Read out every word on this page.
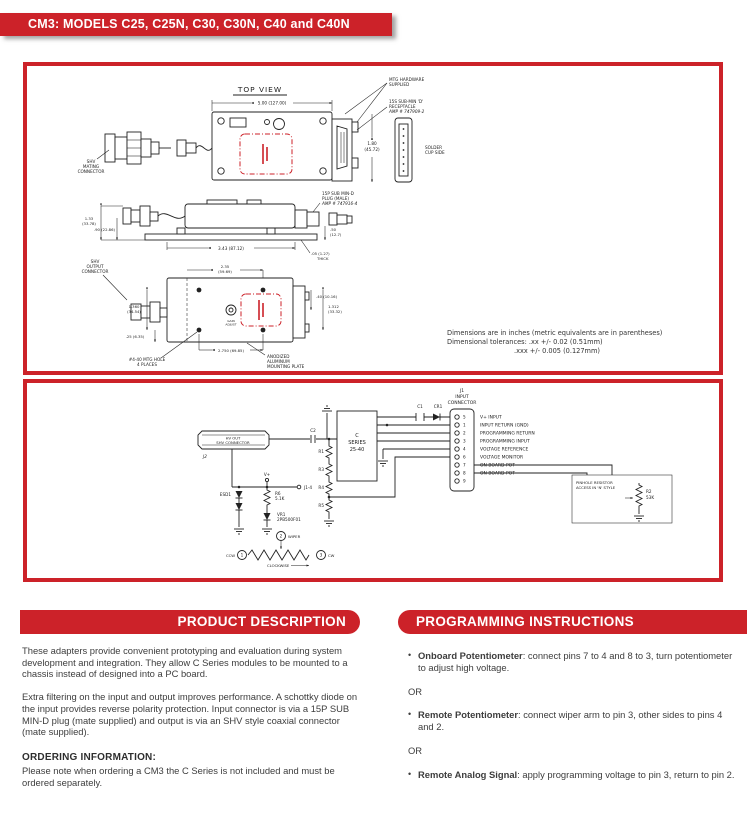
CM3: MODELS C25, C25N, C30, C30N, C40 and C40N
TOP VIEW
5.00 (127.00)
1.80
(45.72)
MTG HARDWARE
SUPPLIED
15S SUB-MIN 'D'
RECEPTACLE
AMP # 747909-2
SOLDER
CUP SIDE
SHV
MATING
CONNECTOR
1.33
(33.78)
.90 (22.86)
15P SUB MIN-D
PLUG (MALE)
AMP # 747916-4
.50
(12.7)
3.43 (87.12)
.05 (1.27)
THICK
SHV
OUTPUT
CONNECTOR
GAIN
ADJUST
2.35
(59.69)
1.360
(34.54)
.25 (6.35)
.40 (10.16)
1.312
(33.32)
2.750 (69.85)
#4-40 MTG HOLE
4 PLACES
ANODIZED
ALUMINUM
MOUNTING PLATE
Dimensions are in inches (metric equivalents are in parentheses)
Dimensional tolerances: .xx +/- 0.02 (0.51mm)
.xxx +/- 0.005 (0.127mm)
J1
INPUT
CONNECTOR
5	V+ INPUT
1	INPUT RETURN (GND)
2	PROGRAMMING RETURN
3	PROGRAMMING INPUT
4	VOLTAGE REFERENCE
6	VOLTAGE MONITOR
7	ON-BOARD POT
8	ON-BOARD POT
9
C
SERIES
25-40
C1	CR1
HV OUT
SHV CONNECTOR
J2
C2
R1
R3
R4
R5
J1-4
V+
R6
5.1K
VR1
2PB500F01
ESD1
PINHOLE RESISTOR
ACCESS IN 'N' STYLE
R2
53K
1	3
2 WIPER
CCW	CW
CLOCKWISE
PRODUCT DESCRIPTION

These adapters provide convenient prototyping and evaluation during system development and integration. They allow C Series modules to be mounted to a chassis instead of designed into a PC board.

Extra filtering on the input and output improves performance. A schottky diode on the input provides reverse polarity protection. Input connector is via a 15P SUB MIN-D plug (mate supplied) and output is via an SHV style coaxial connector (mate supplied).

ORDERING INFORMATION:
Please note when ordering a CM3 the C Series is not included and must be ordered separately.
PROGRAMMING INSTRUCTIONS
• Onboard Potentiometer: connect pins 7 to 4 and 8 to 3, turn potentiometer to adjust high voltage.
OR
• Remote Potentiometer: connect wiper arm to pin 3, other sides to pins 4 and 2.
OR
• Remote Analog Signal: apply programming voltage to pin 3, return to pin 2.
